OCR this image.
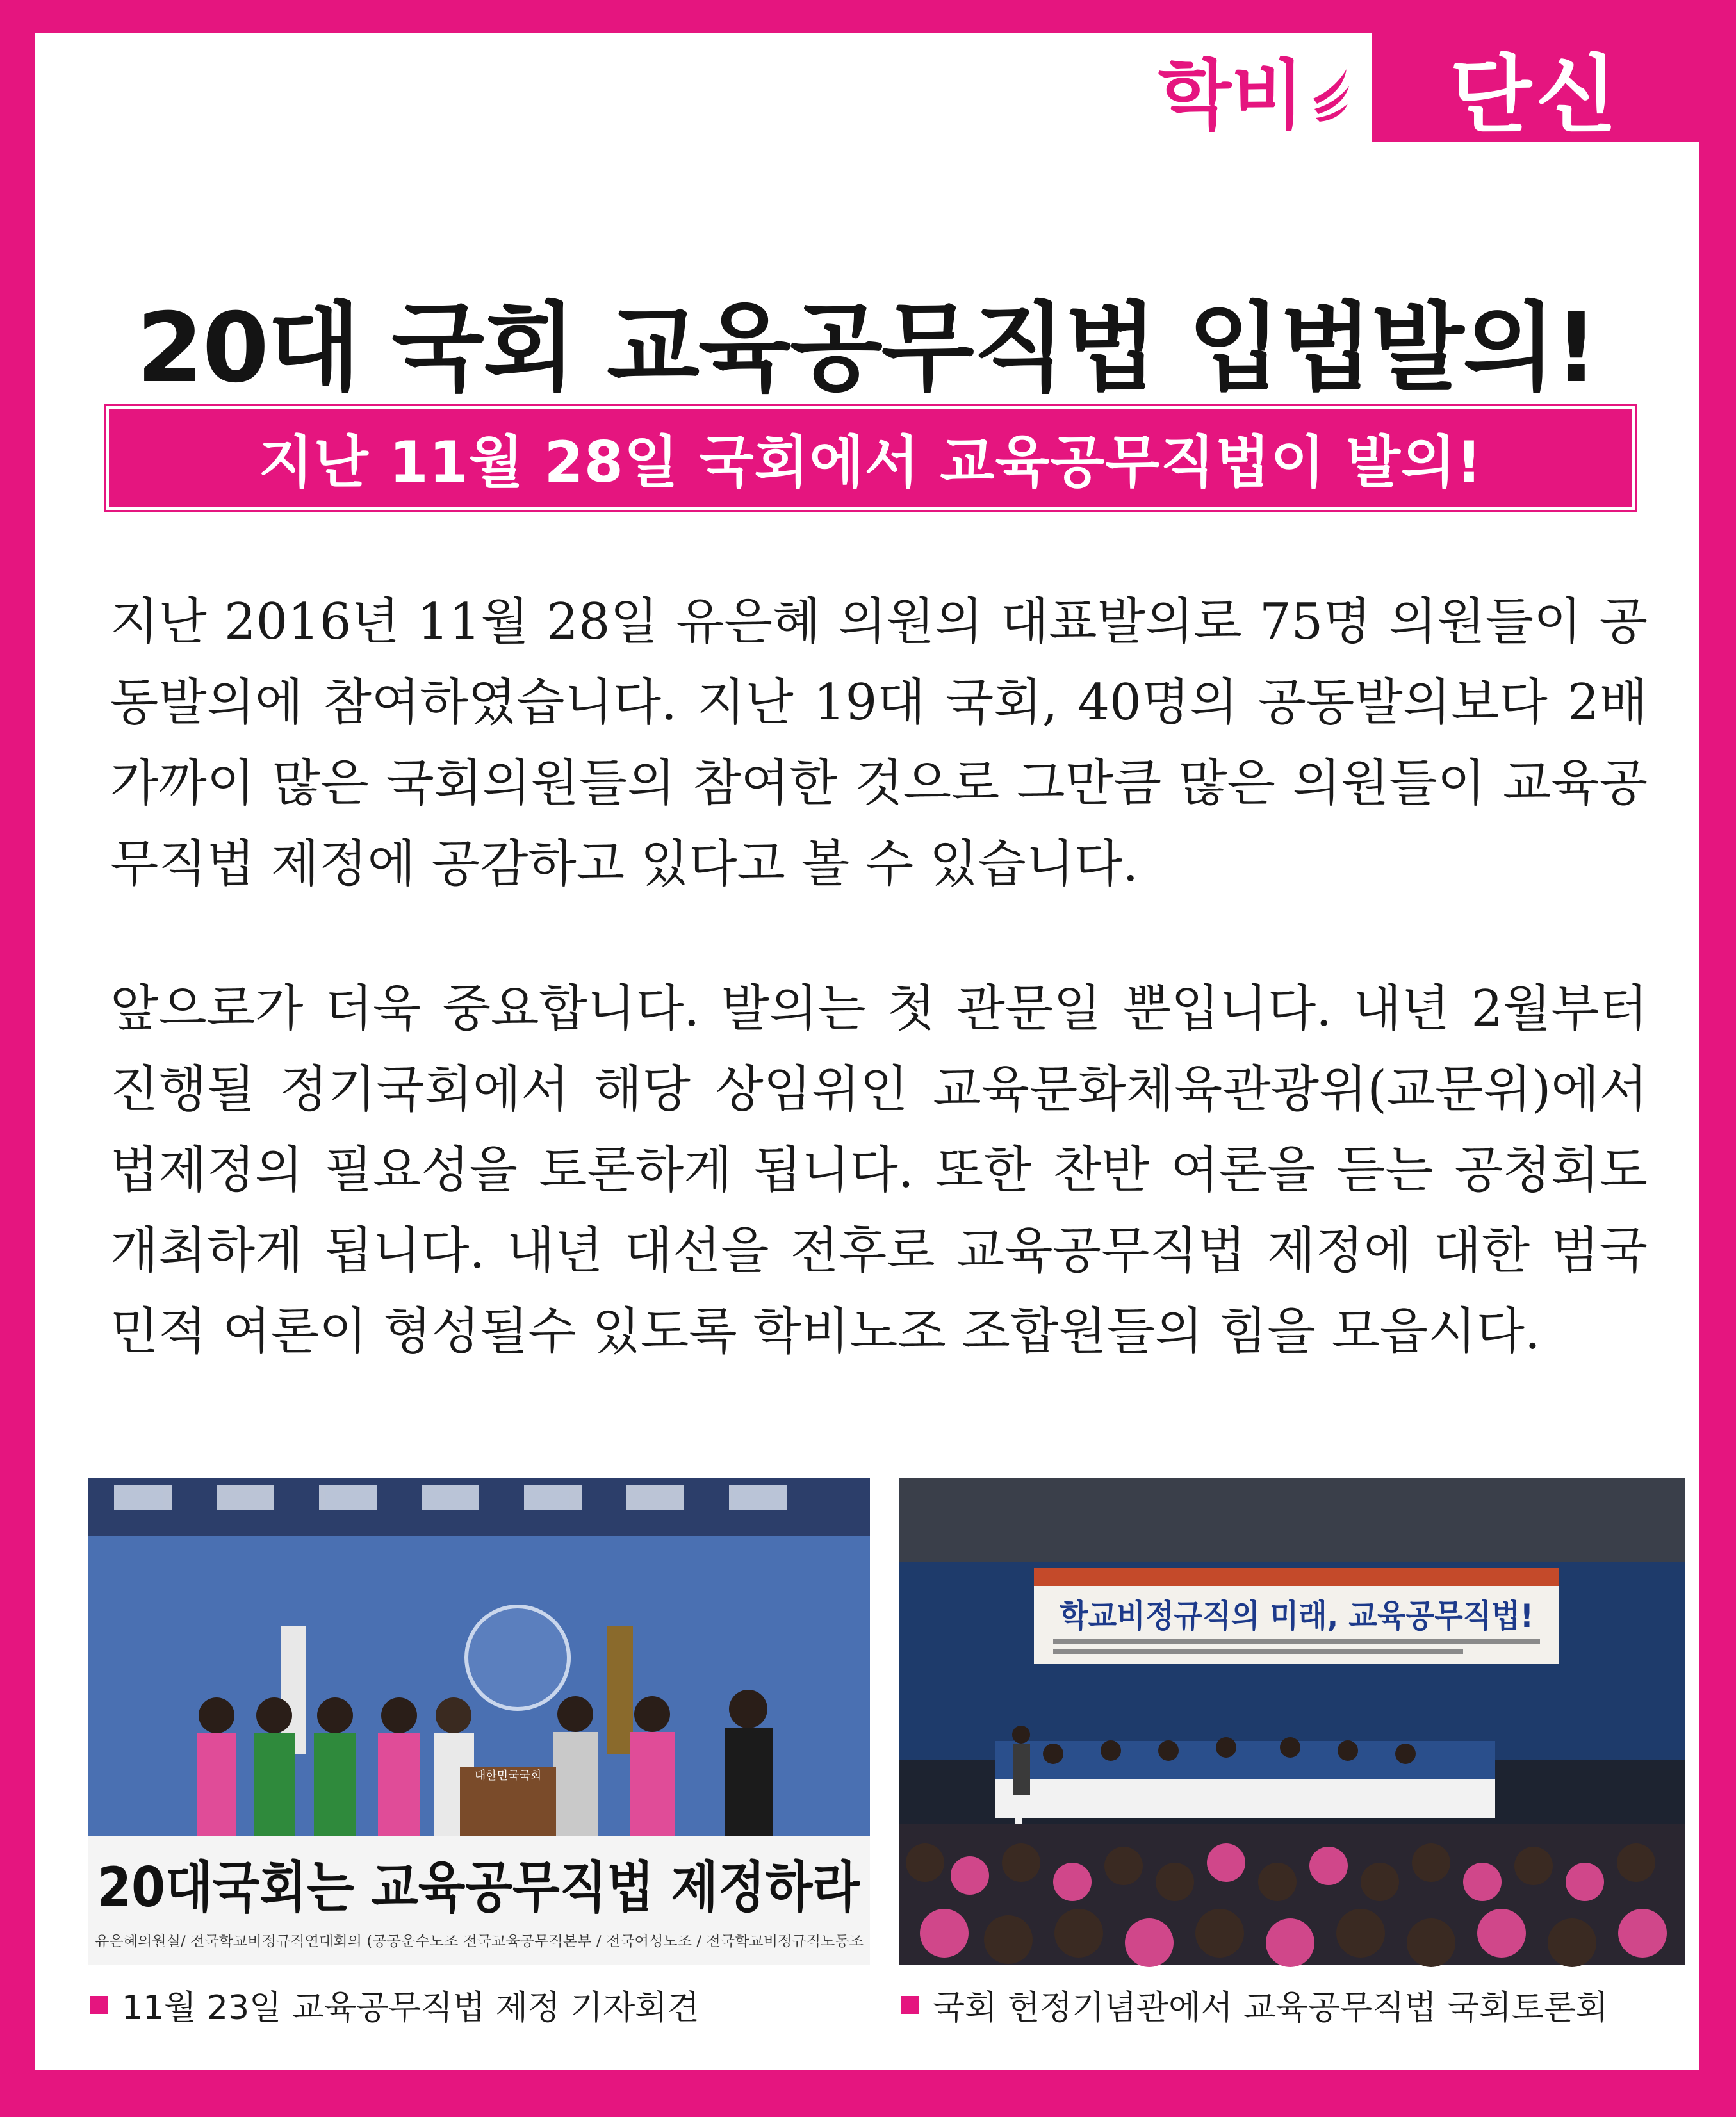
학비 단신
20대 국회 교육공무직법 입법발의!
지난 11월 28일 국회에서 교육공무직법이 발의!

지난 2016년 11월 28일 유은혜 의원의 대표발의로 75명 의원들이 공동발의에 참여하였습니다. 지난 19대 국회, 40명의 공동발의보다 2배 가까이 많은 국회의원들의 참여한 것으로 그만큼 많은 의원들이 교육공무직법 제정에 공감하고 있다고 볼 수 있습니다.

앞으로가 더욱 중요합니다. 발의는 첫 관문일 뿐입니다. 내년 2월부터 진행될 정기국회에서 해당 상임위인 교육문화체육관광위(교문위)에서 법제정의 필요성을 토론하게 됩니다. 또한 찬반 여론을 듣는 공청회도 개최하게 됩니다. 내년 대선을 전후로 교육공무직법 제정에 대한 범국민적 여론이 형성될수 있도록 학비노조 조합원들의 힘을 모읍시다.

대한민국국회
20대국회는 교육공무직법 제정하라
유은혜의원실/ 전국학교비정규직연대회의 (공공운수노조 전국교육공무직본부 / 전국여성노조 / 전국학교비정규직노동조
학교비정규직의 미래, 교육공무직법!
11월 23일 교육공무직법 제정 기자회견	국회 헌정기념관에서 교육공무직법 국회토론회
